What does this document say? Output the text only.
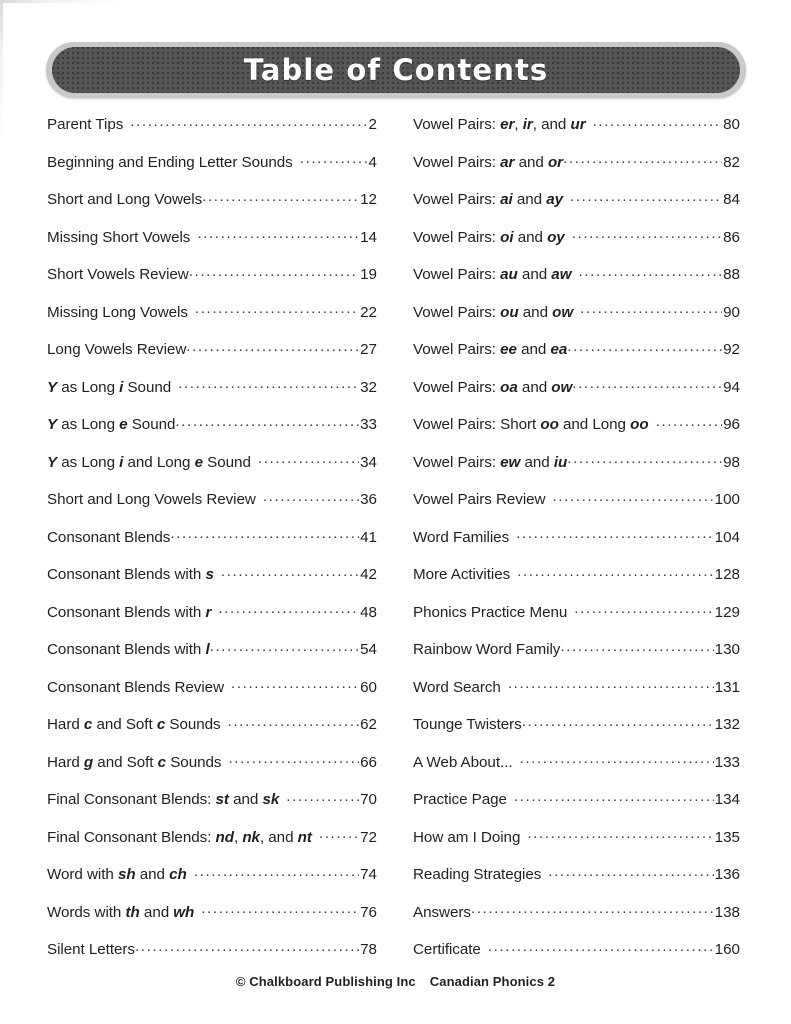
Table of Contents
Parent Tips .....	2
Beginning and Ending Letter Sounds .....	4
Short and Long Vowels .....	12
Missing Short Vowels .....	14
Short Vowels Review .....	19
Missing Long Vowels .....	22
Long Vowels Review .....	27
Y as Long i Sound .....	32
Y as Long e Sound .....	33
Y as Long i and Long e Sound .....	34
Short and Long Vowels Review .....	36
Consonant Blends .....	41
Consonant Blends with s .....	42
Consonant Blends with r .....	48
Consonant Blends with l .....	54
Consonant Blends Review .....	60
Hard c and Soft c Sounds .....	62
Hard g and Soft c Sounds .....	66
Final Consonant Blends: st and sk .....	70
Final Consonant Blends: nd, nk, and nt .....	72
Word with sh and ch .....	74
Words with th and wh .....	76
Silent Letters .....	78
Vowel Pairs: er, ir, and ur .....	80
Vowel Pairs: ar and or .....	82
Vowel Pairs: ai and ay .....	84
Vowel Pairs: oi and oy .....	86
Vowel Pairs: au and aw .....	88
Vowel Pairs: ou and ow .....	90
Vowel Pairs: ee and ea .....	92
Vowel Pairs: oa and ow .....	94
Vowel Pairs: Short oo and Long oo .....	96
Vowel Pairs: ew and iu .....	98
Vowel Pairs Review .....	100
Word Families .....	104
More Activities .....	128
Phonics Practice Menu .....	129
Rainbow Word Family .....	130
Word Search .....	131
Tounge Twisters .....	132
A Web About... .....	133
Practice Page .....	134
How am I Doing .....	135
Reading Strategies .....	136
Answers .....	138
Certificate .....	160
© Chalkboard Publishing Inc Canadian Phonics 2
